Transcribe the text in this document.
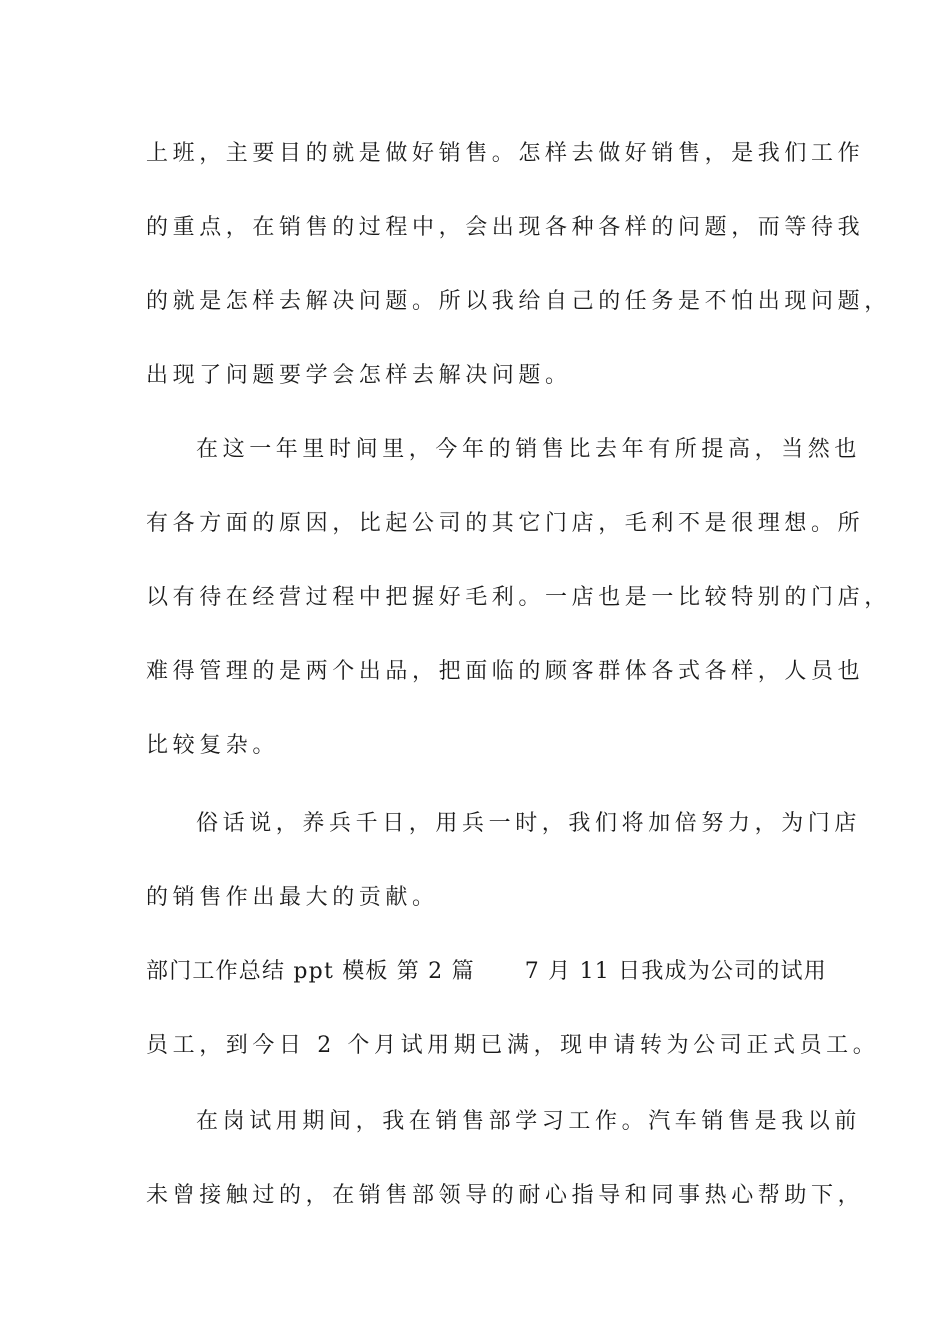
上班，主要目的就是做好销售。怎样去做好销售，是我们工作
的重点，在销售的过程中，会出现各种各样的问题，而等待我
的就是怎样去解决问题。所以我给自己的任务是不怕出现问题，
出现了问题要学会怎样去解决问题。
在这一年里时间里，今年的销售比去年有所提高，当然也
有各方面的原因，比起公司的其它门店，毛利不是很理想。所
以有待在经营过程中把握好毛利。一店也是一比较特别的门店，
难得管理的是两个出品，把面临的顾客群体各式各样，人员也
比较复杂。
俗话说，养兵千日，用兵一时，我们将加倍努力，为门店
的销售作出最大的贡献。
部门工作总结 ppt 模板 第 2 篇 7 月 11 日我成为公司的试用
员工，到今日 2 个月试用期已满，现申请转为公司正式员工。
在岗试用期间，我在销售部学习工作。汽车销售是我以前
未曾接触过的，在销售部领导的耐心指导和同事热心帮助下，
